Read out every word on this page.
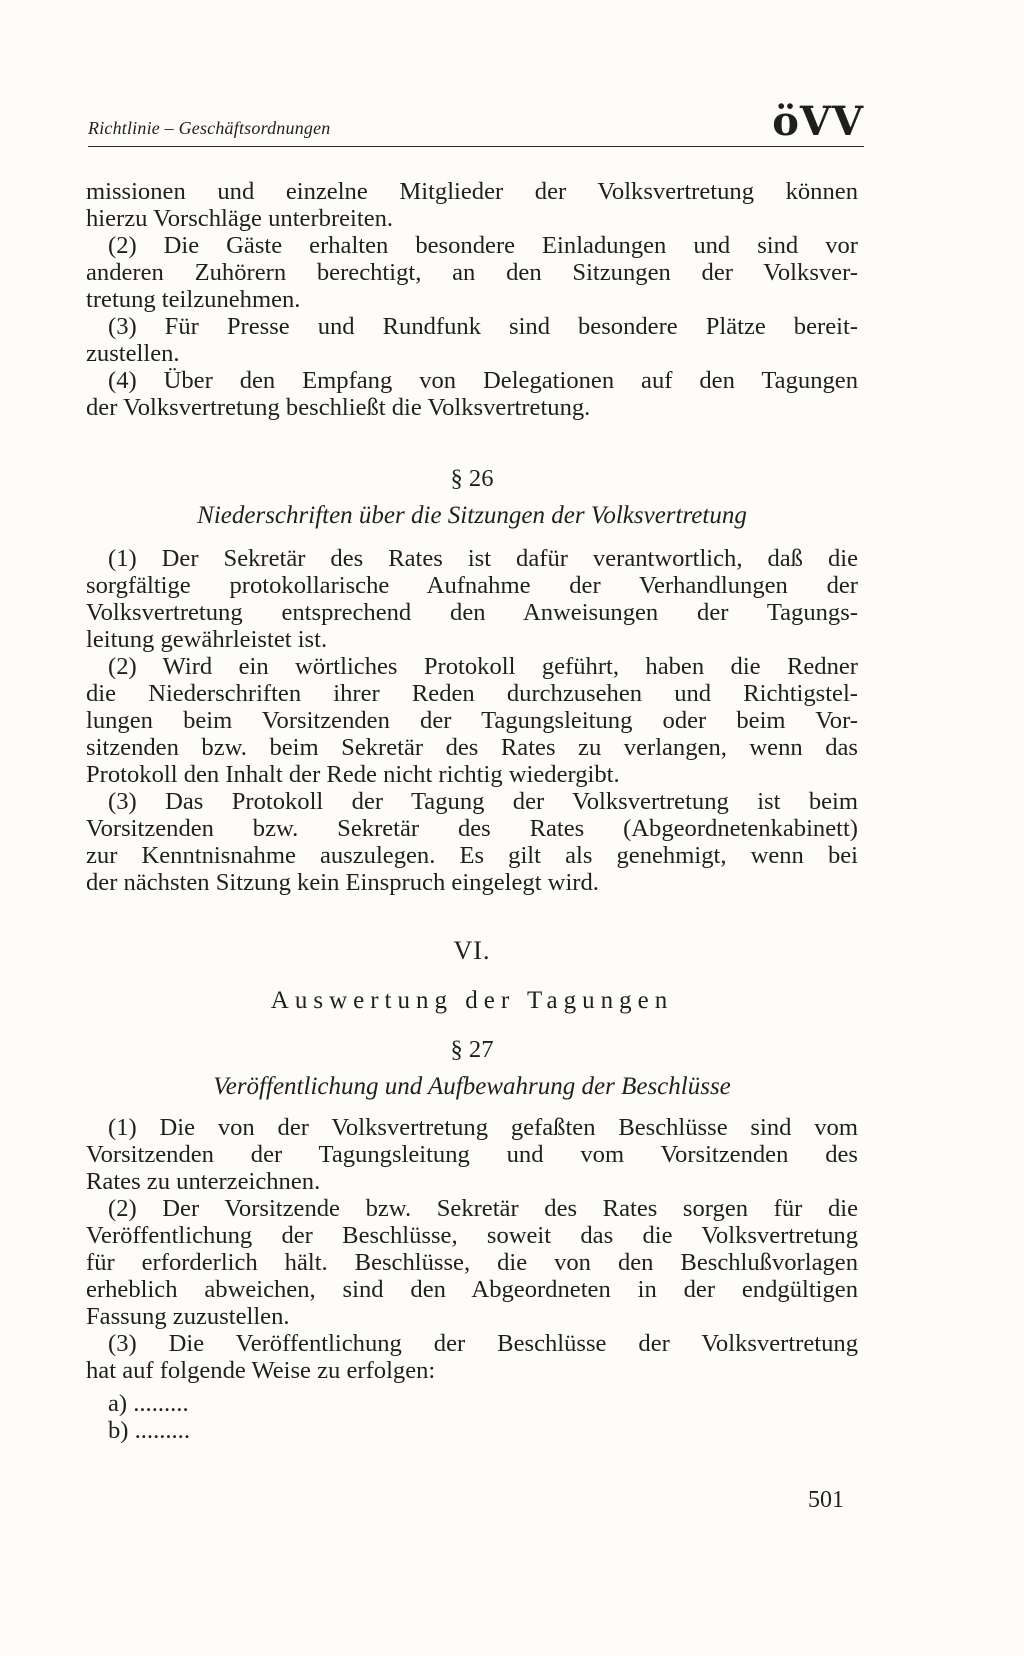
Richtlinie – Geschäftsordnungen	öVV
missionen und einzelne Mitglieder der Volksvertretung können
hierzu Vorschläge unterbreiten.
(2) Die Gäste erhalten besondere Einladungen und sind vor
anderen Zuhörern berechtigt, an den Sitzungen der Volksver-
tretung teilzunehmen.
(3) Für Presse und Rundfunk sind besondere Plätze bereit-
zustellen.
(4) Über den Empfang von Delegationen auf den Tagungen
der Volksvertretung beschließt die Volksvertretung.
§ 26
Niederschriften über die Sitzungen der Volksvertretung
(1) Der Sekretär des Rates ist dafür verantwortlich, daß die
sorgfältige protokollarische Aufnahme der Verhandlungen der
Volksvertretung entsprechend den Anweisungen der Tagungs-
leitung gewährleistet ist.
(2) Wird ein wörtliches Protokoll geführt, haben die Redner
die Niederschriften ihrer Reden durchzusehen und Richtigstel-
lungen beim Vorsitzenden der Tagungsleitung oder beim Vor-
sitzenden bzw. beim Sekretär des Rates zu verlangen, wenn das
Protokoll den Inhalt der Rede nicht richtig wiedergibt.
(3) Das Protokoll der Tagung der Volksvertretung ist beim
Vorsitzenden bzw. Sekretär des Rates (Abgeordnetenkabinett)
zur Kenntnisnahme auszulegen. Es gilt als genehmigt, wenn bei
der nächsten Sitzung kein Einspruch eingelegt wird.
VI.
Auswertung der Tagungen
§ 27
Veröffentlichung und Aufbewahrung der Beschlüsse
(1) Die von der Volksvertretung gefaßten Beschlüsse sind vom
Vorsitzenden der Tagungsleitung und vom Vorsitzenden des
Rates zu unterzeichnen.
(2) Der Vorsitzende bzw. Sekretär des Rates sorgen für die
Veröffentlichung der Beschlüsse, soweit das die Volksvertretung
für erforderlich hält. Beschlüsse, die von den Beschlußvorlagen
erheblich abweichen, sind den Abgeordneten in der endgültigen
Fassung zuzustellen.
(3) Die Veröffentlichung der Beschlüsse der Volksvertretung
hat auf folgende Weise zu erfolgen:
a) .........
b) .........
501
